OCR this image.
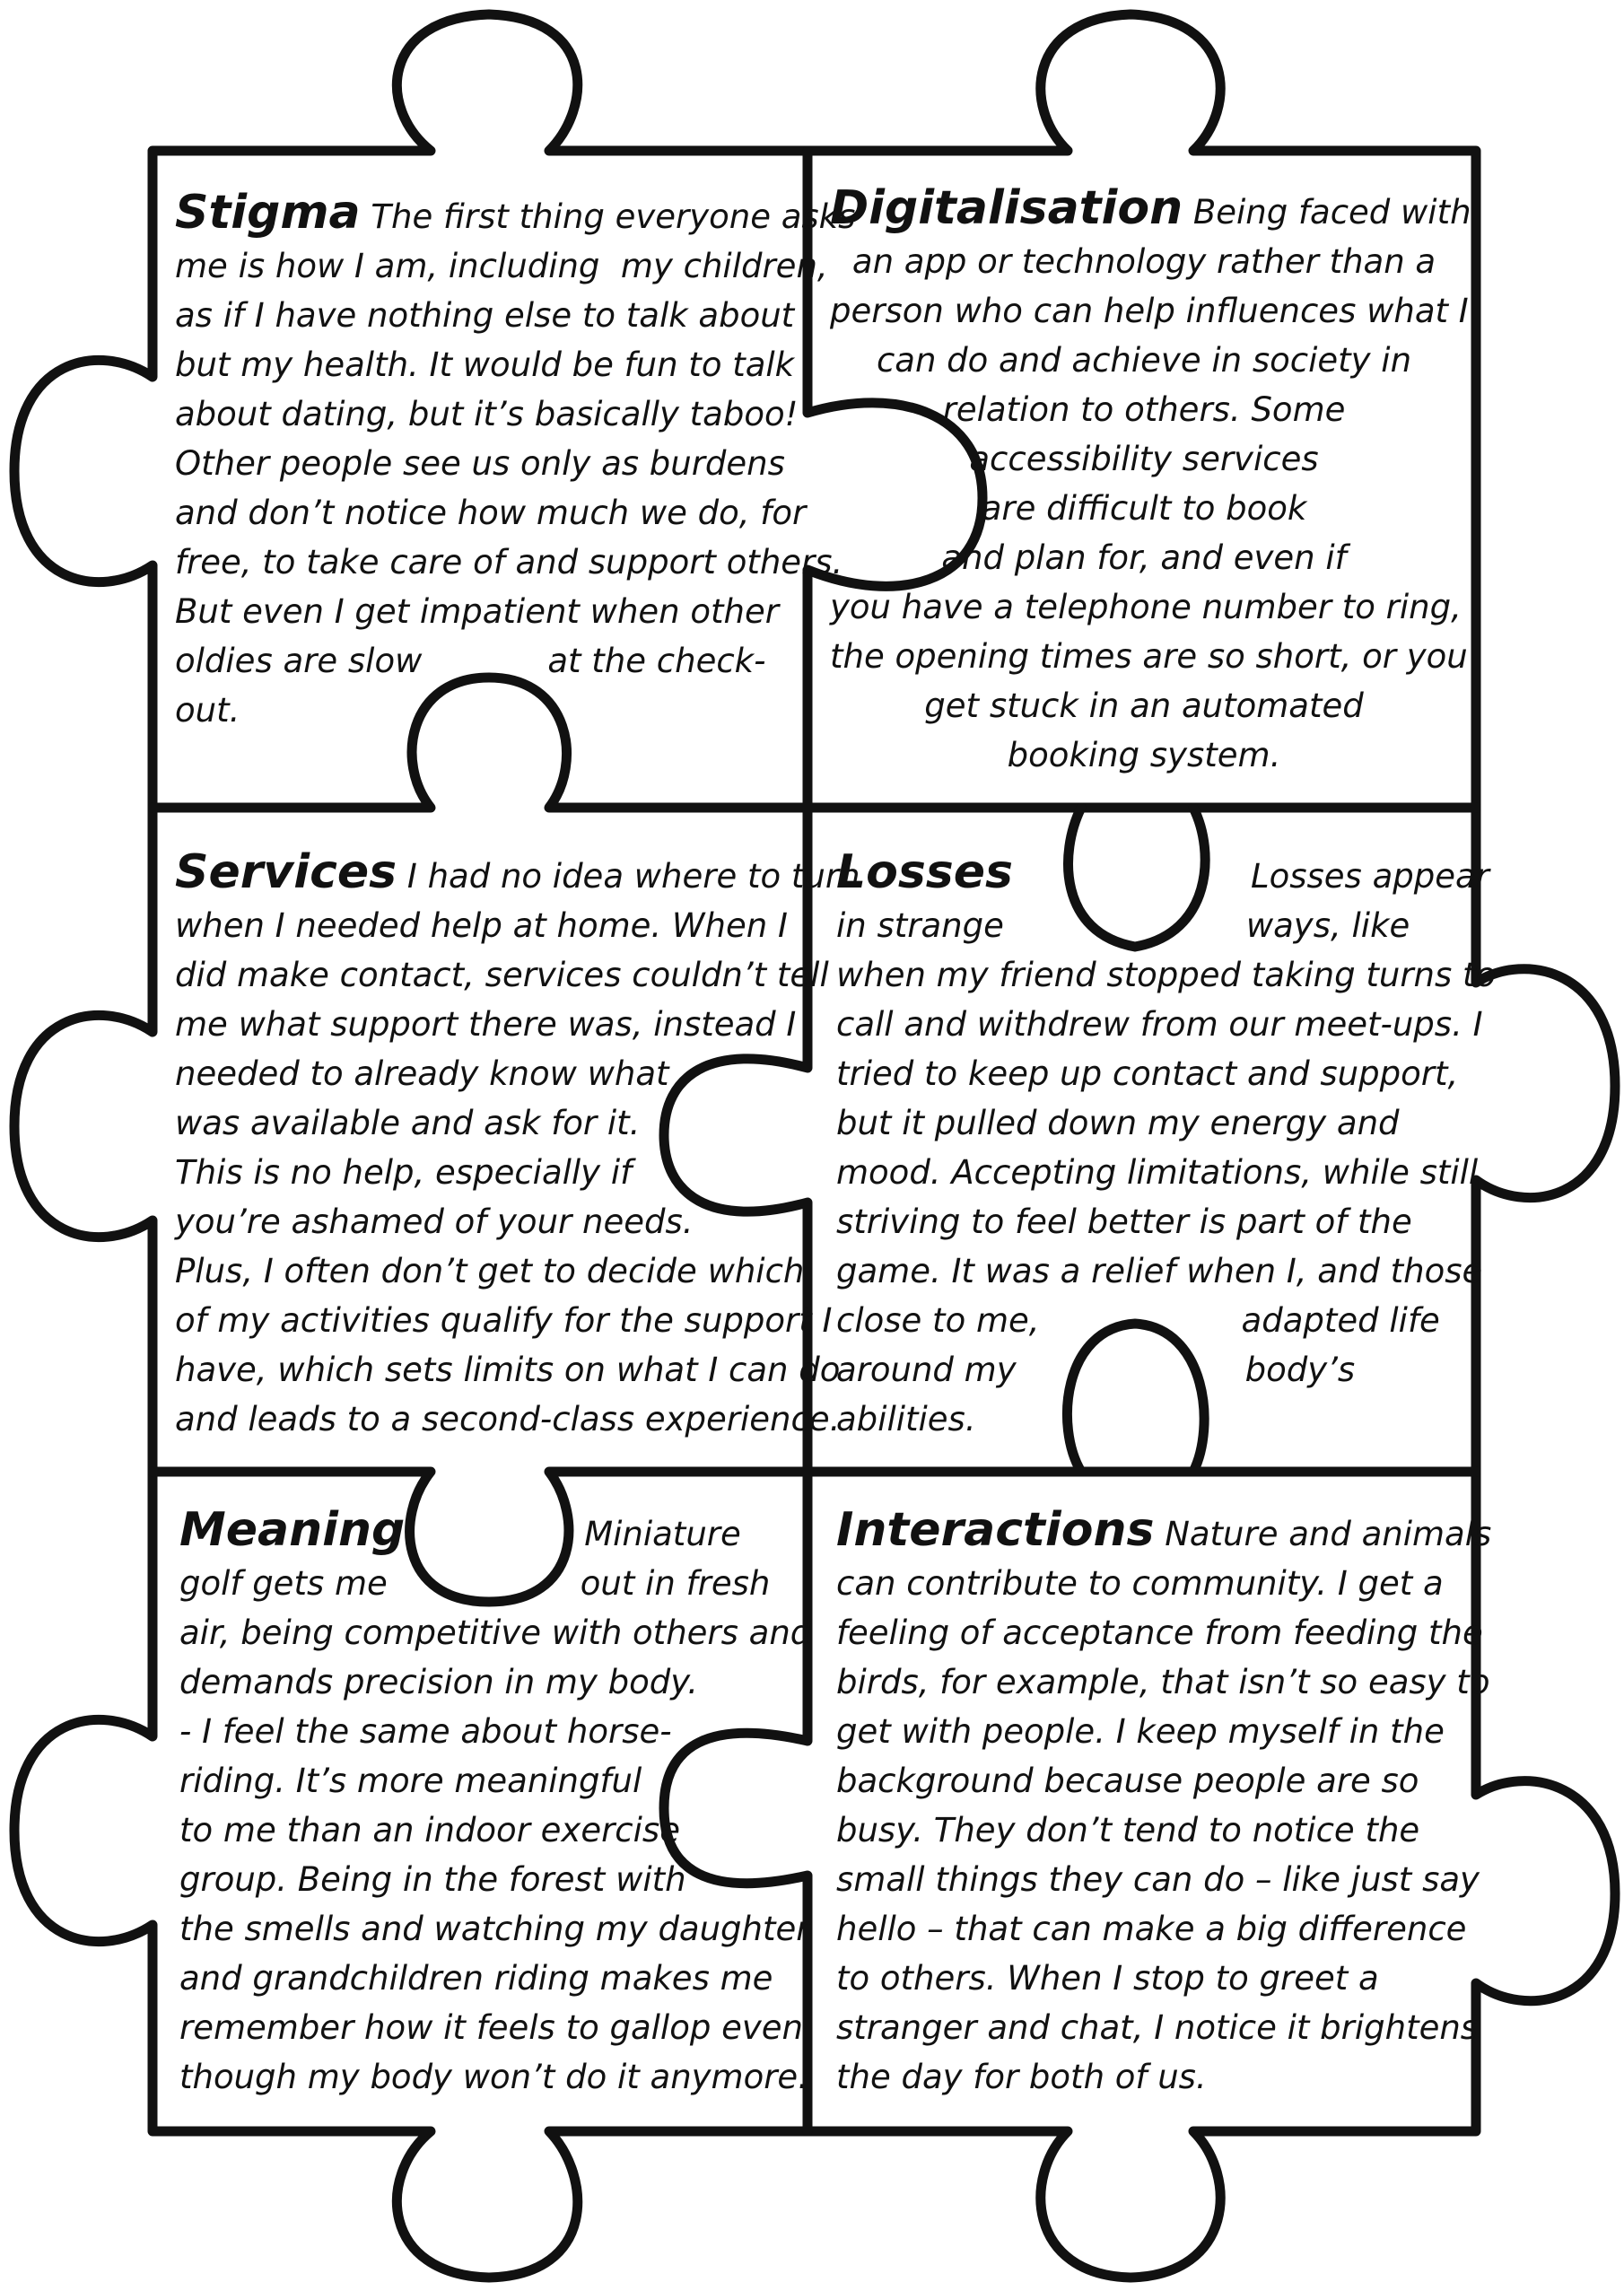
Stigma The first thing everyone asks
me is how I am, including  my children,
as if I have nothing else to talk about
but my health. It would be fun to talk
about dating, but it’s basically taboo!
Other people see us only as burdens
and don’t notice how much we do, for
free, to take care of and support others.
But even I get impatient when other
oldies are slow	at the check-
out.
Digitalisation Being faced with
an app or technology rather than a
person who can help influences what I
can do and achieve in society in
relation to others. Some
accessibility services
are difficult to book
and plan for, and even if
you have a telephone number to ring,
the opening times are so short, or you
get stuck in an automated
booking system.
Services I had no idea where to turn
when I needed help at home. When I
did make contact, services couldn’t tell
me what support there was, instead I
needed to already know what
was available and ask for it.
This is no help, especially if
you’re ashamed of your needs.
Plus, I often don’t get to decide which
of my activities qualify for the support I
have, which sets limits on what I can do
and leads to a second-class experience.
Losses	Losses appear
in strange	ways, like
when my friend stopped taking turns to
call and withdrew from our meet-ups. I
tried to keep up contact and support,
but it pulled down my energy and
mood. Accepting limitations, while still
striving to feel better is part of the
game. It was a relief when I, and those
close to me,	adapted life
around my	body’s
abilities.
Meaning	Miniature
golf gets me	out in fresh
air, being competitive with others and
demands precision in my body.
- I feel the same about horse-
riding. It’s more meaningful
to me than an indoor exercise
group. Being in the forest with
the smells and watching my daughter
and grandchildren riding makes me
remember how it feels to gallop even
though my body won’t do it anymore.
Interactions Nature and animals
can contribute to community. I get a
feeling of acceptance from feeding the
birds, for example, that isn’t so easy to
get with people. I keep myself in the
background because people are so
busy. They don’t tend to notice the
small things they can do – like just say
hello – that can make a big difference
to others. When I stop to greet a
stranger and chat, I notice it brightens
the day for both of us.
